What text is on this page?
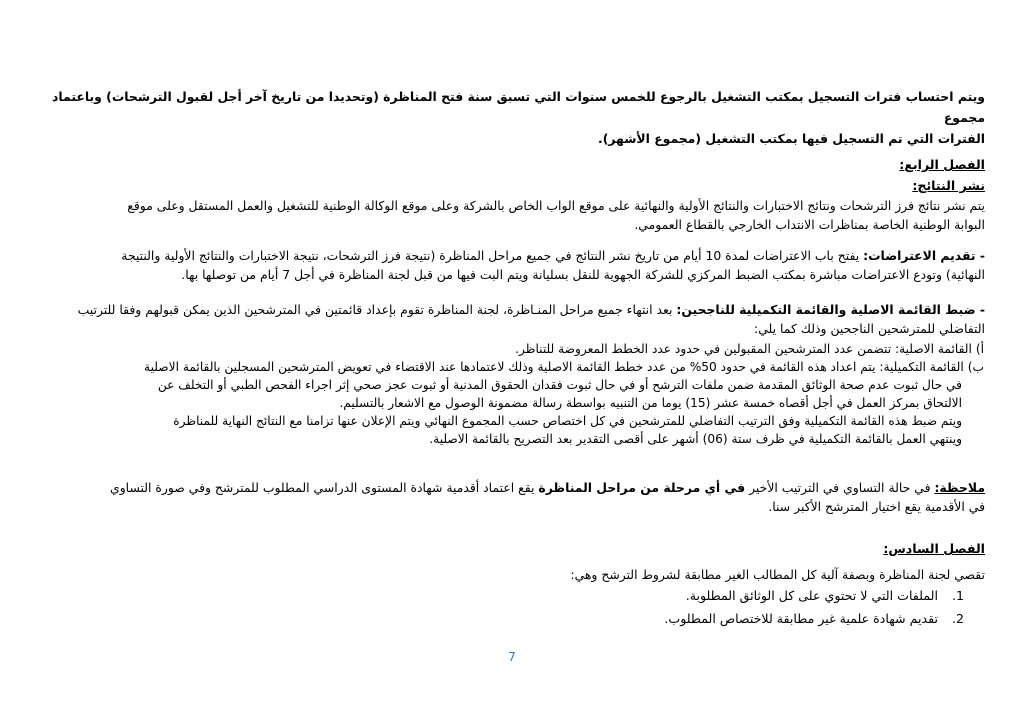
ويتم احتساب فترات التسجيل بمكتب التشغيل بالرجوع للخمس سنوات التي تسبق سنة فتح المناظرة (وتحديدا من تاريخ آخر أجل لقبول الترشحات) وباعتماد مجموع
الفترات التي تم التسجيل فيها بمكتب التشغيل (مجموع الأشهر).
الفصل الرابع:
نشر النتائج:
يتم نشر نتائج فرز الترشحات ونتائج الاختبارات والنتائج الأولية والنهائية على موقع الواب الخاص بالشركة وعلى موقع الوكالة الوطنية للتشغيل والعمل المستقل وعلى موقع
البوابة الوطنية الخاصة بمناظرات الانتداب الخارجي بالقطاع العمومي.
- تقديم الاعتراضات: يفتح باب الاعتراضات لمدة 10 أيام من تاريخ نشر النتائج في جميع مراحل المناظرة (نتيجة فرز الترشحات، نتيجة الاختبارات والنتائج الأولية والنتيجة
النهائية) وتودع الاعتراضات مباشرة بمكتب الضبط المركزي للشركة الجهوية للنقل بسليانة ويتم البت فيها من قبل لجنة المناظرة في أجل 7 أيام من توصلها بها.
- ضبط القائمة الاصلية والقائمة التكميلية للناجحين: بعد انتهاء جميع مراحل المنـاظرة، لجنة المناظرة تقوم بإعداد قائمتين في المترشحين الذين يمكن قبولهم وفقا للترتيب
التفاضلي للمترشحين الناجحين وذلك كما يلي:
أ)
القائمة الاصلية: تتضمن عدد المترشحين المقبولين في حدود عدد الخطط المعروضة للتناظر.
ب)
القائمة التكميلية: يتم اعداد هذه القائمة في حدود 50% من عدد خطط القائمة الاصلية وذلك لاعتمادها عند الاقتضاء في تعويض المترشحين المسجلين بالقائمة الاصلية
في حال ثبوت عدم صحة الوثائق المقدمة ضمن ملفات الترشح أو في حال ثبوت فقدان الحقوق المدنية أو ثبوت عجز صحي إثر اجراء الفحص الطبي أو التخلف عن
الالتحاق بمركز العمل في أجل أقصاه خمسة عشر (15) يوما من التنبيه بواسطة رسالة مضمونة الوصول مع الاشعار بالتسليم.
ويتم ضبط هذه القائمة التكميلية وفق الترتيب التفاضلي للمترشحين في كل اختصاص حسب المجموع النهائي ويتم الإعلان عنها تزامنا مع النتائج النهاية للمناظرة
وينتهي العمل بالقائمة التكميلية في ظرف ستة (06) أشهر على أقصى التقدير بعد التصريح بالقائمة الاصلية.
ملاحظة: في حالة التساوي في الترتيب الأخير في أي مرحلة من مراحل المناظرة يقع اعتماد أقدمية شهادة المستوى الدراسي المطلوب للمترشح وفي صورة التساوي
في الأقدمية يقع اختيار المترشح الأكبر سنا.
الفصل السادس:
تقصي لجنة المناظرة وبصفة آلية كل المطالب الغير مطابقة لشروط الترشح وهي:
1.
الملفات التي لا تحتوي على كل الوثائق المطلوبة.
2.
تقديم شهادة علمية غير مطابقة للاختصاص المطلوب.
7
